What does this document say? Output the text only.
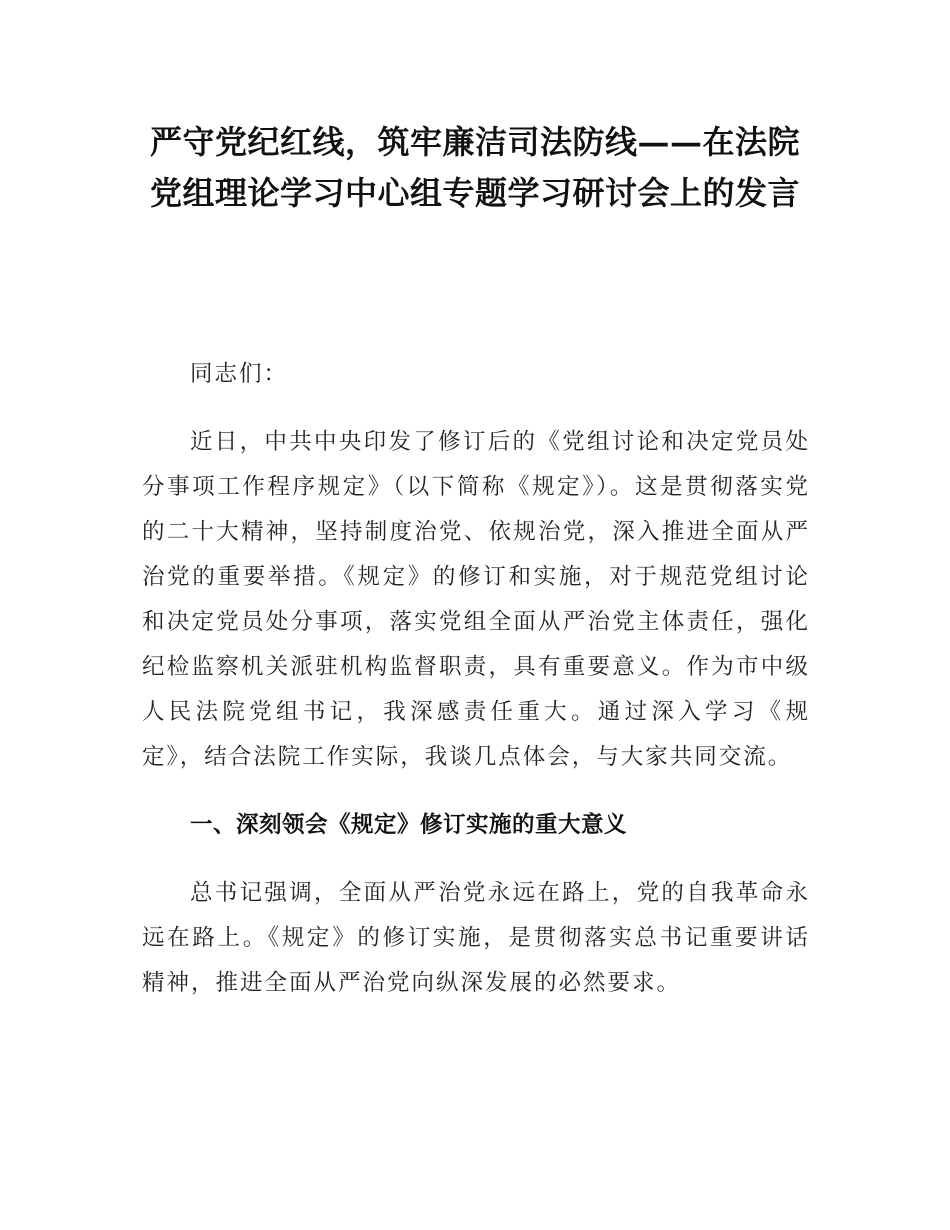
严守党纪红线，筑牢廉洁司法防线——在法院党组理论学习中心组专题学习研讨会上的发言

同志们：

近日，中共中央印发了修订后的《党组讨论和决定党员处分事项工作程序规定》（以下简称《规定》）。这是贯彻落实党的二十大精神，坚持制度治党、依规治党，深入推进全面从严治党的重要举措。《规定》的修订和实施，对于规范党组讨论和决定党员处分事项，落实党组全面从严治党主体责任，强化纪检监察机关派驻机构监督职责，具有重要意义。作为市中级人民法院党组书记，我深感责任重大。通过深入学习《规定》，结合法院工作实际，我谈几点体会，与大家共同交流。

一、深刻领会《规定》修订实施的重大意义

总书记强调，全面从严治党永远在路上，党的自我革命永远在路上。《规定》的修订实施，是贯彻落实总书记重要讲话精神，推进全面从严治党向纵深发展的必然要求。
